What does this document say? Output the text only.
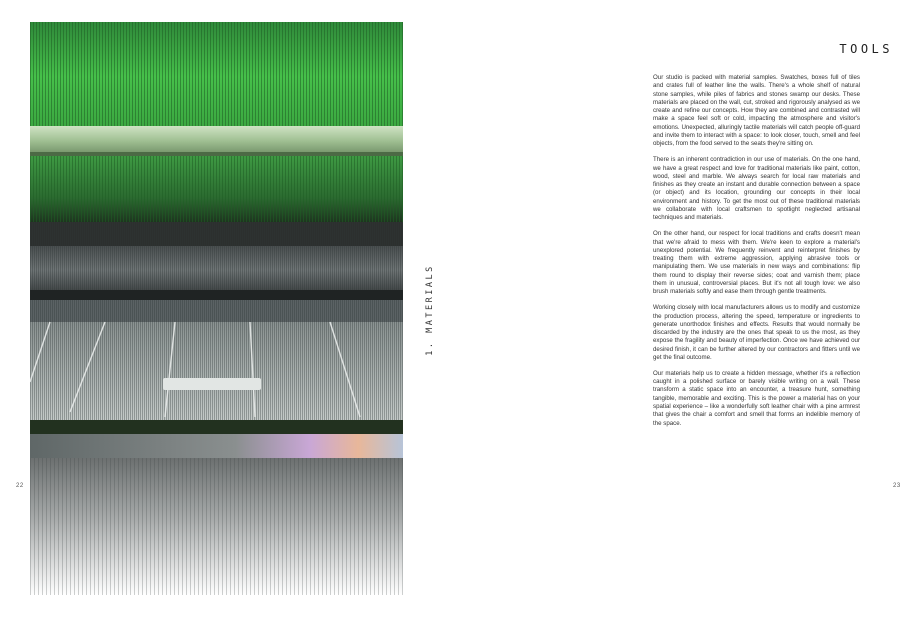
22
1. MATERIALS
TOOLS

Our studio is packed with material samples. Swatches, boxes full of tiles and crates full of leather line the walls. There's a whole shelf of natural stone samples, while piles of fabrics and stones swamp our desks. These materials are placed on the wall, cut, stroked and rigorously analysed as we create and refine our concepts. How they are combined and contrasted will make a space feel soft or cold, impacting the atmosphere and visitor's emotions. Unexpected, alluringly tactile materials will catch people off-guard and invite them to interact with a space: to look closer, touch, smell and feel objects, from the food served to the seats they're sitting on.

There is an inherent contradiction in our use of materials. On the one hand, we have a great respect and love for traditional materials like paint, cotton, wood, steel and marble. We always search for local raw materials and finishes as they create an instant and durable connection between a space (or object) and its location, grounding our concepts in their local environment and history. To get the most out of these traditional materials we collaborate with local craftsmen to spotlight neglected artisanal techniques and materials.

On the other hand, our respect for local traditions and crafts doesn't mean that we're afraid to mess with them. We're keen to explore a material's unexplored potential. We frequently reinvent and reinterpret finishes by treating them with extreme aggression, applying abrasive tools or manipulating them. We use materials in new ways and combinations: flip them round to display their reverse sides; coat and varnish them; place them in unusual, controversial places. But it's not all tough love: we also brush materials softly and ease them through gentle treatments.

Working closely with local manufacturers allows us to modify and customize the production process, altering the speed, temperature or ingredients to generate unorthodox finishes and effects. Results that would normally be discarded by the industry are the ones that speak to us the most, as they expose the fragility and beauty of imperfection. Once we have achieved our desired finish, it can be further altered by our contractors and fitters until we get the final outcome.

Our materials help us to create a hidden message, whether it's a reflection caught in a polished surface or barely visible writing on a wall. These transform a static space into an encounter, a treasure hunt, something tangible, memorable and exciting. This is the power a material has on your spatial experience – like a wonderfully soft leather chair with a pine armrest that gives the chair a comfort and smell that forms an indelible memory of the space.

23
